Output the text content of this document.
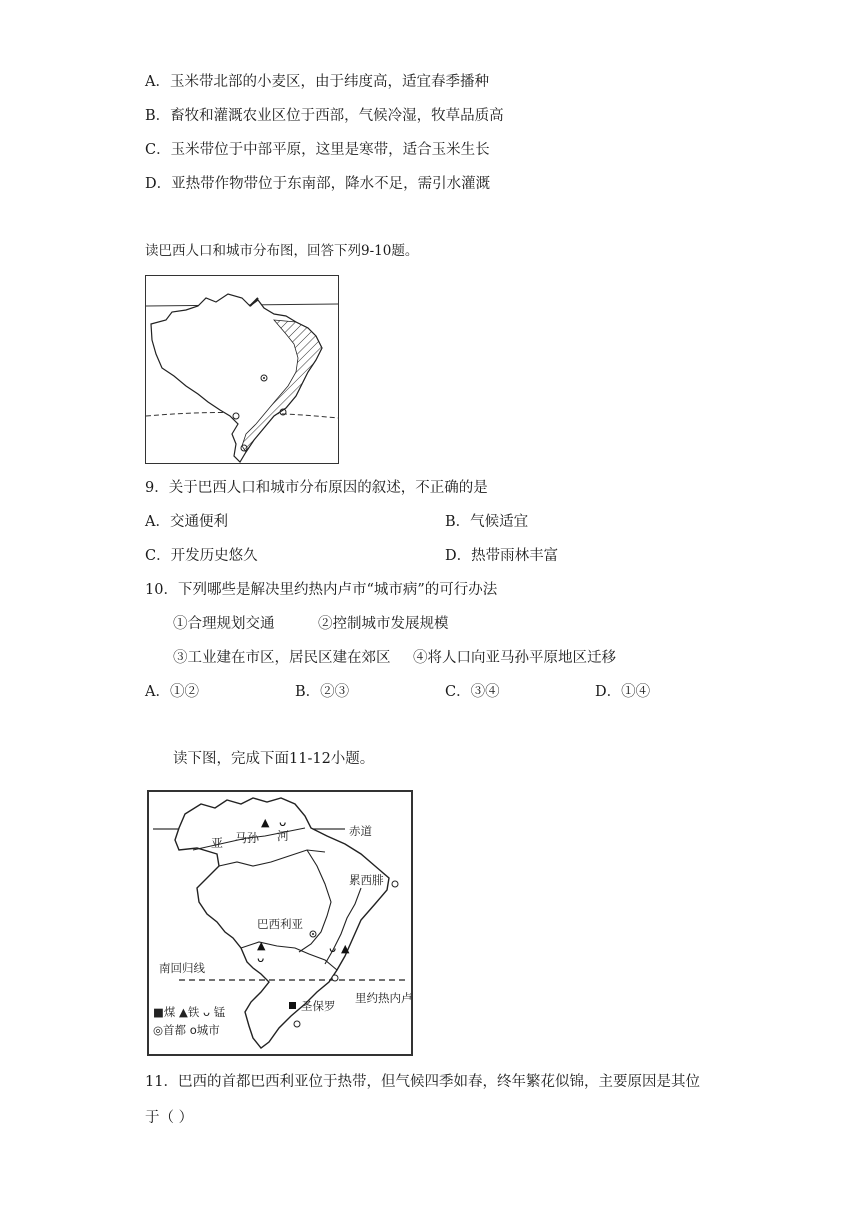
A．玉米带北部的小麦区，由于纬度高，适宜春季播种
B．畜牧和灌溉农业区位于西部，气候冷湿，牧草品质高
C．玉米带位于中部平原，这里是寒带，适合玉米生长
D．亚热带作物带位于东南部，降水不足，需引水灌溉
读巴西人口和城市分布图，回答下列9-10题。
9．关于巴西人口和城市分布原因的叙述，不正确的是
A．交通便利	B．气候适宜
C．开发历史悠久	D．热带雨林丰富
10．下列哪些是解决里约热内卢市“城市病”的可行办法
①合理规划交通	②控制城市发展规模
③工业建在市区，居民区建在郊区 ④将人口向亚马孙平原地区迁移
A．①②	B．②③	C．③④	D．①④
读下图，完成下面11-12小题。
赤道
亚 马孙 河
▲ ᴗ
累西腓
巴西利亚
▲
ᴗ
ᴗ ▲
南回归线
里约热内卢
圣保罗
■煤 ▲铁 ᴗ 锰
◎首都 o城市
11．巴西的首都巴西利亚位于热带，但气候四季如春，终年繁花似锦，主要原因是其位
于（ ）
